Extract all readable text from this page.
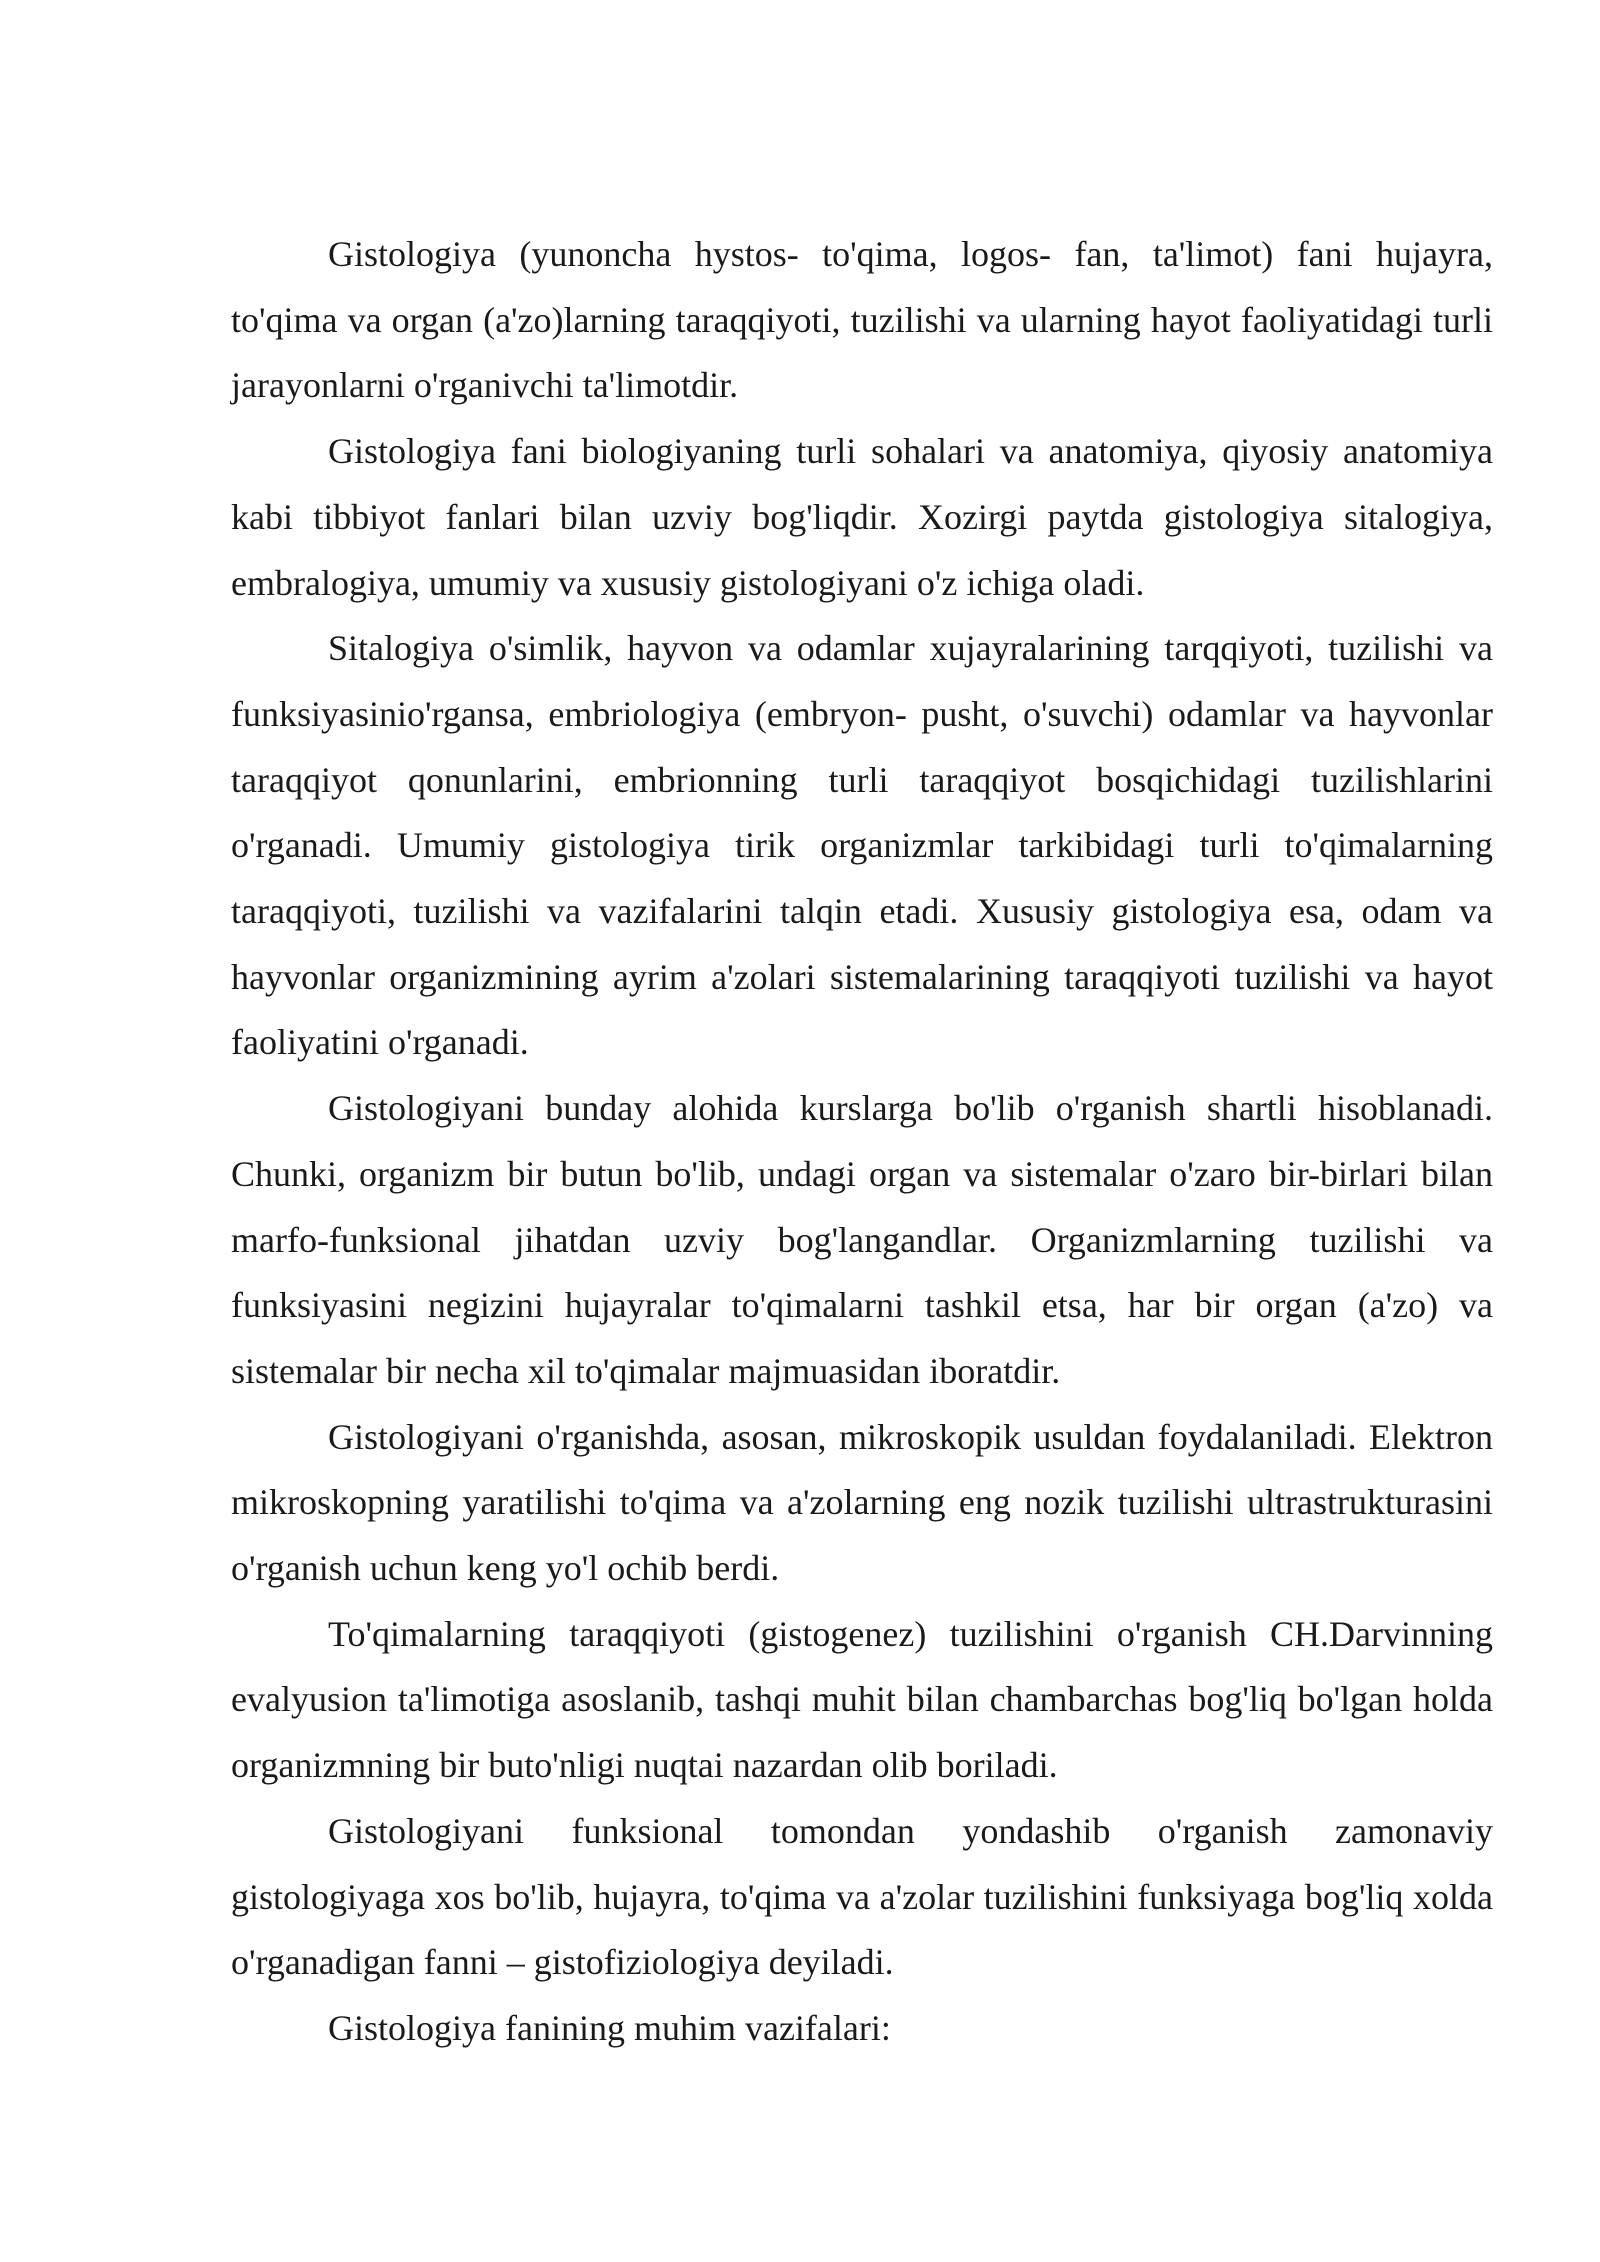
Gistologiya (yunoncha hystos- to'qima, logos- fan, ta'limot) fani hujayra, to'qima va organ (a'zo)larning taraqqiyoti, tuzilishi va ularning hayot faoliyatidagi turli jarayonlarni o'rganivchi ta'limotdir.

Gistologiya fani biologiyaning turli sohalari va anatomiya, qiyosiy anatomiya kabi tibbiyot fanlari bilan uzviy bog'liqdir. Xozirgi paytda gistologiya sitalogiya, embralogiya, umumiy va xususiy gistologiyani o'z ichiga oladi.

Sitalogiya o'simlik, hayvon va odamlar xujayralarining tarqqiyoti, tuzilishi va funksiyasinio'rgansa, embriologiya (embryon- pusht, o'suvchi) odamlar va hayvonlar taraqqiyot qonunlarini, embrionning turli taraqqiyot bosqichidagi tuzilishlarini o'rganadi. Umumiy gistologiya tirik organizmlar tarkibidagi turli to'qimalarning taraqqiyoti, tuzilishi va vazifalarini talqin etadi. Xususiy gistologiya esa, odam va hayvonlar organizmining ayrim a'zolari sistemalarining taraqqiyoti tuzilishi va hayot faoliyatini o'rganadi.

Gistologiyani bunday alohida kurslarga bo'lib o'rganish shartli hisoblanadi. Chunki, organizm bir butun bo'lib, undagi organ va sistemalar o'zaro bir-birlari bilan marfo-funksional jihatdan uzviy bog'langandlar. Organizmlarning tuzilishi va funksiyasini negizini hujayralar to'qimalarni tashkil etsa, har bir organ (a'zo) va sistemalar bir necha xil to'qimalar majmuasidan iboratdir.

Gistologiyani o'rganishda, asosan, mikroskopik usuldan foydalaniladi. Elektron mikroskopning yaratilishi to'qima va a'zolarning eng nozik tuzilishi ultrastrukturasini o'rganish uchun keng yo'l ochib berdi.

To'qimalarning taraqqiyoti (gistogenez) tuzilishini o'rganish CH.Darvinning evalyusion ta'limotiga asoslanib, tashqi muhit bilan chambarchas bog'liq bo'lgan holda organizmning bir buto'nligi nuqtai nazardan olib boriladi.

Gistologiyani funksional tomondan yondashib o'rganish zamonaviy gistologiyaga xos bo'lib, hujayra, to'qima va a'zolar tuzilishini funksiyaga bog'liq xolda o'rganadigan fanni – gistofiziologiya deyiladi.

Gistologiya fanining muhim vazifalari:
